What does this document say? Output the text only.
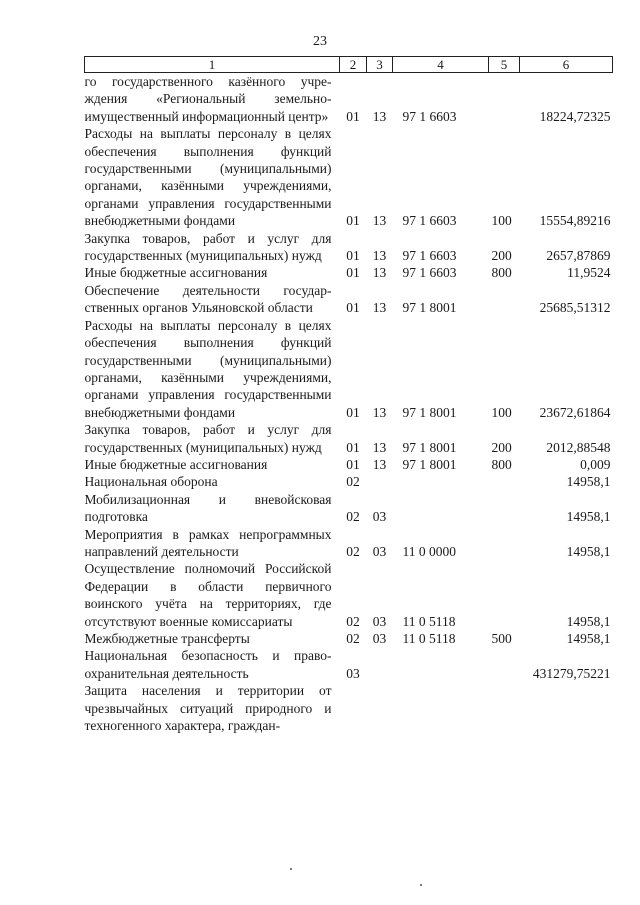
23
1	2	3	4	5	6
го государственного казённого учреждения «Региональный земельно-имущественный информационный центр»	01	13	97 1 6603		18224,72325
Расходы на выплаты персоналу в целях обеспечения выполнения функций государственными (муниципальными) органами, казёнными учреждениями, органами управления государственными внебюджетными фондами	01	13	97 1 6603	100	15554,89216
Закупка товаров, работ и услуг для государственных (муниципальных) нужд	01	13	97 1 6603	200	2657,87869
Иные бюджетные ассигнования	01	13	97 1 6603	800	11,9524
Обеспечение деятельности государственных органов Ульяновской области	01	13	97 1 8001		25685,51312
Расходы на выплаты персоналу в целях обеспечения выполнения функций государственными (муниципальными) органами, казёнными учреждениями, органами управления государственными внебюджетными фондами	01	13	97 1 8001	100	23672,61864
Закупка товаров, работ и услуг для государственных (муниципальных) нужд	01	13	97 1 8001	200	2012,88548
Иные бюджетные ассигнования	01	13	97 1 8001	800	0,009
Национальная оборона	02				14958,1
Мобилизационная и вневойсковая подготовка	02	03			14958,1
Мероприятия в рамках непрограммных направлений деятельности	02	03	11 0 0000		14958,1
Осуществление полномочий Российской Федерации в области первичного воинского учёта на территориях, где отсутствуют военные комиссариаты	02	03	11 0 5118		14958,1
Межбюджетные трансферты	02	03	11 0 5118	500	14958,1
Национальная безопасность и правоохранительная деятельность	03				431279,75221
Защита населения и территории от чрезвычайных ситуаций природного и техногенного характера, граждан-					
